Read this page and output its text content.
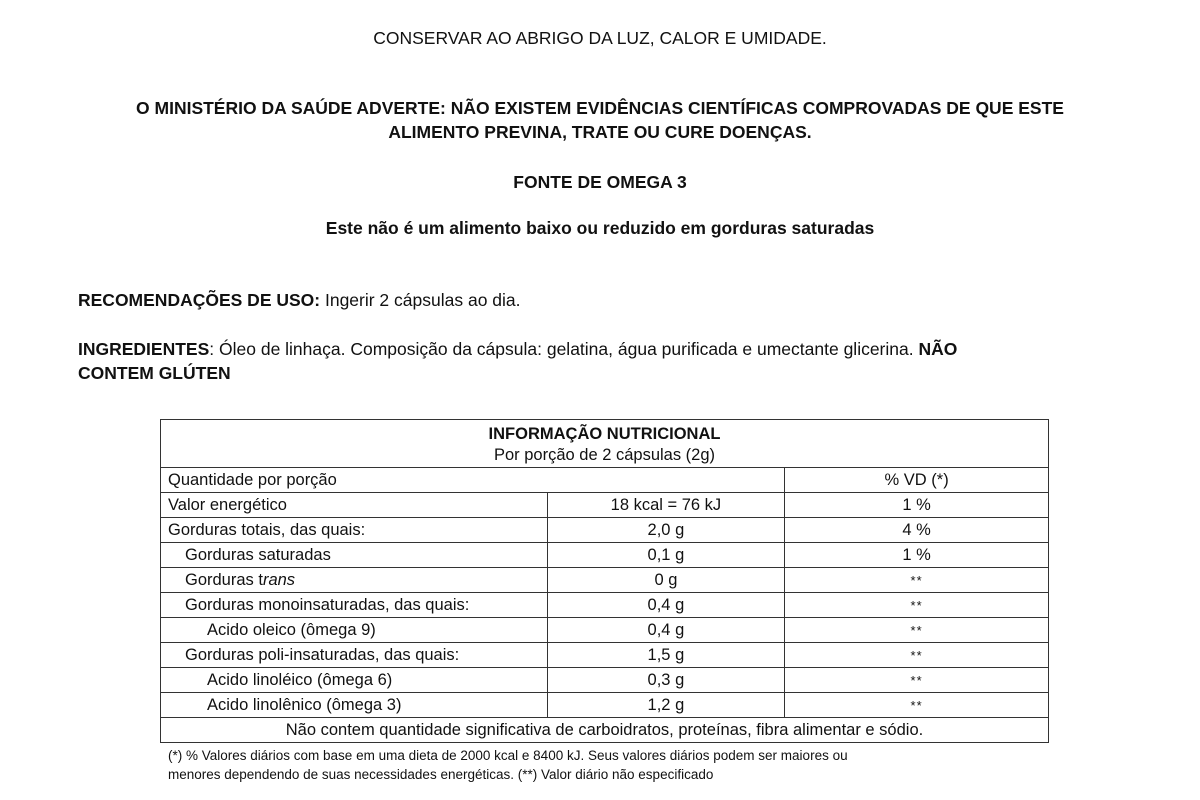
CONSERVAR AO ABRIGO DA LUZ, CALOR E UMIDADE.
O MINISTÉRIO DA SAÚDE ADVERTE: NÃO EXISTEM EVIDÊNCIAS CIENTÍFICAS COMPROVADAS DE QUE ESTE
ALIMENTO PREVINA, TRATE OU CURE DOENÇAS.
FONTE DE OMEGA 3
Este não é um alimento baixo ou reduzido em gorduras saturadas
RECOMENDAÇÕES DE USO: Ingerir 2 cápsulas ao dia.
INGREDIENTES: Óleo de linhaça. Composição da cápsula: gelatina, água purificada e umectante glicerina. NÃO
CONTEM GLÚTEN
INFORMAÇÃO NUTRICIONAL
Por porção de 2 cápsulas (2g)		

Quantidade por porção		% VD (*)
Valor energético	18 kcal = 76 kJ	1 %
Gorduras totais, das quais:	2,0 g	4 %
Gorduras saturadas	0,1 g	1 %
Gorduras trans	0 g	**
Gorduras monoinsaturadas, das quais:	0,4 g	**
Acido oleico (ômega 9)	0,4 g	**
Gorduras poli-insaturadas, das quais:	1,5 g	**
Acido linoléico (ômega 6)	0,3 g	**
Acido linolênico (ômega 3)	1,2 g	**
Não contem quantidade significativa de carboidratos, proteínas, fibra alimentar e sódio.		
(*) % Valores diários com base em uma dieta de 2000 kcal e 8400 kJ. Seus valores diários podem ser maiores ou
menores dependendo de suas necessidades energéticas. (**) Valor diário não especificado
